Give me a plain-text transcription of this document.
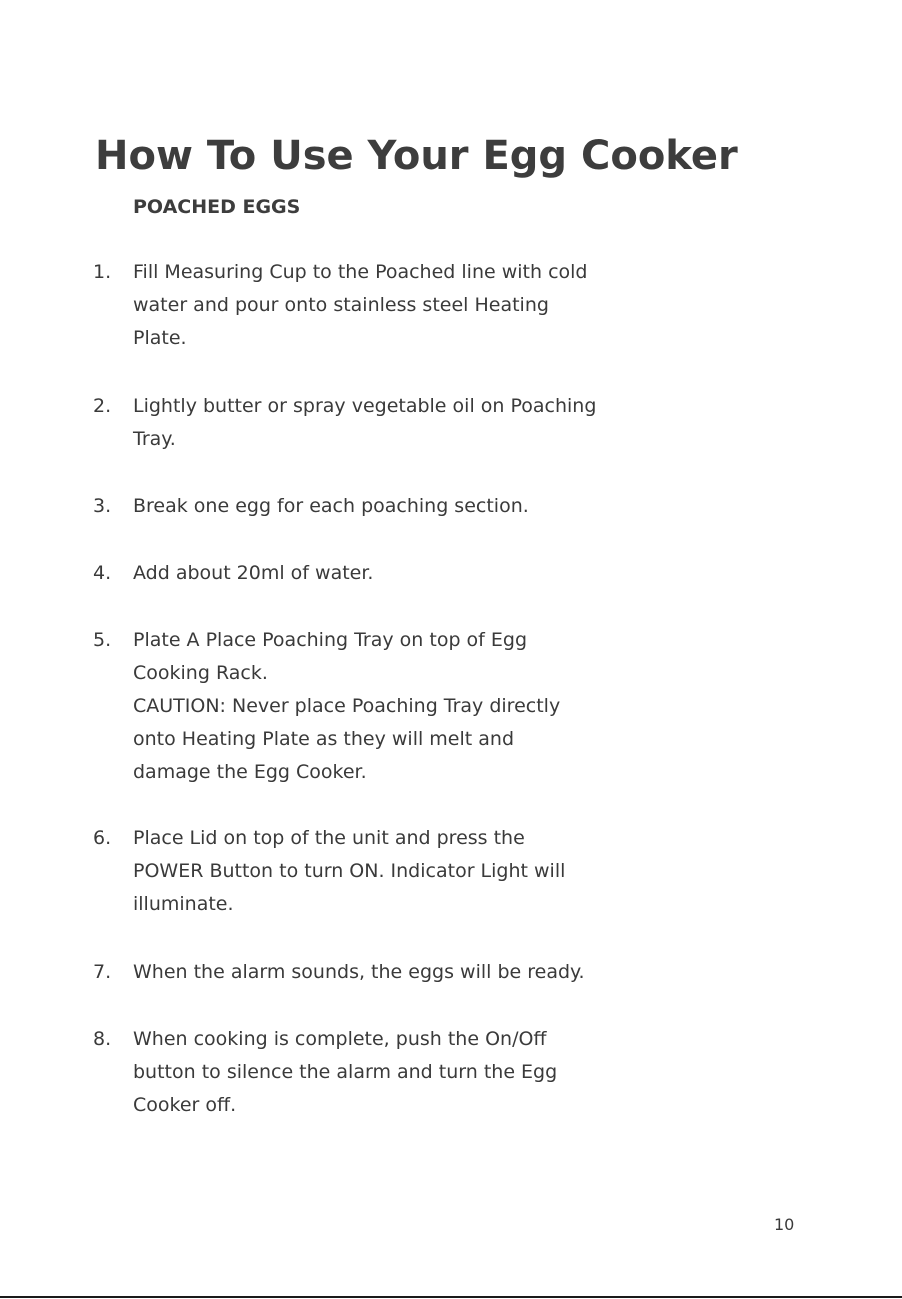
How To Use Your Egg Cooker
POACHED EGGS
1. Fill Measuring Cup to the Poached line with cold
water and pour onto stainless steel Heating
Plate.
2. Lightly butter or spray vegetable oil on Poaching
Tray.
3. Break one egg for each poaching section.
4. Add about 20ml of water.
5. Plate A Place Poaching Tray on top of Egg
Cooking Rack.
CAUTION: Never place Poaching Tray directly
onto Heating Plate as they will melt and
damage the Egg Cooker.
6. Place Lid on top of the unit and press the
POWER Button to turn ON. Indicator Light will
illuminate.
7. When the alarm sounds, the eggs will be ready.
8. When cooking is complete, push the On/Off
button to silence the alarm and turn the Egg
Cooker off.
10
